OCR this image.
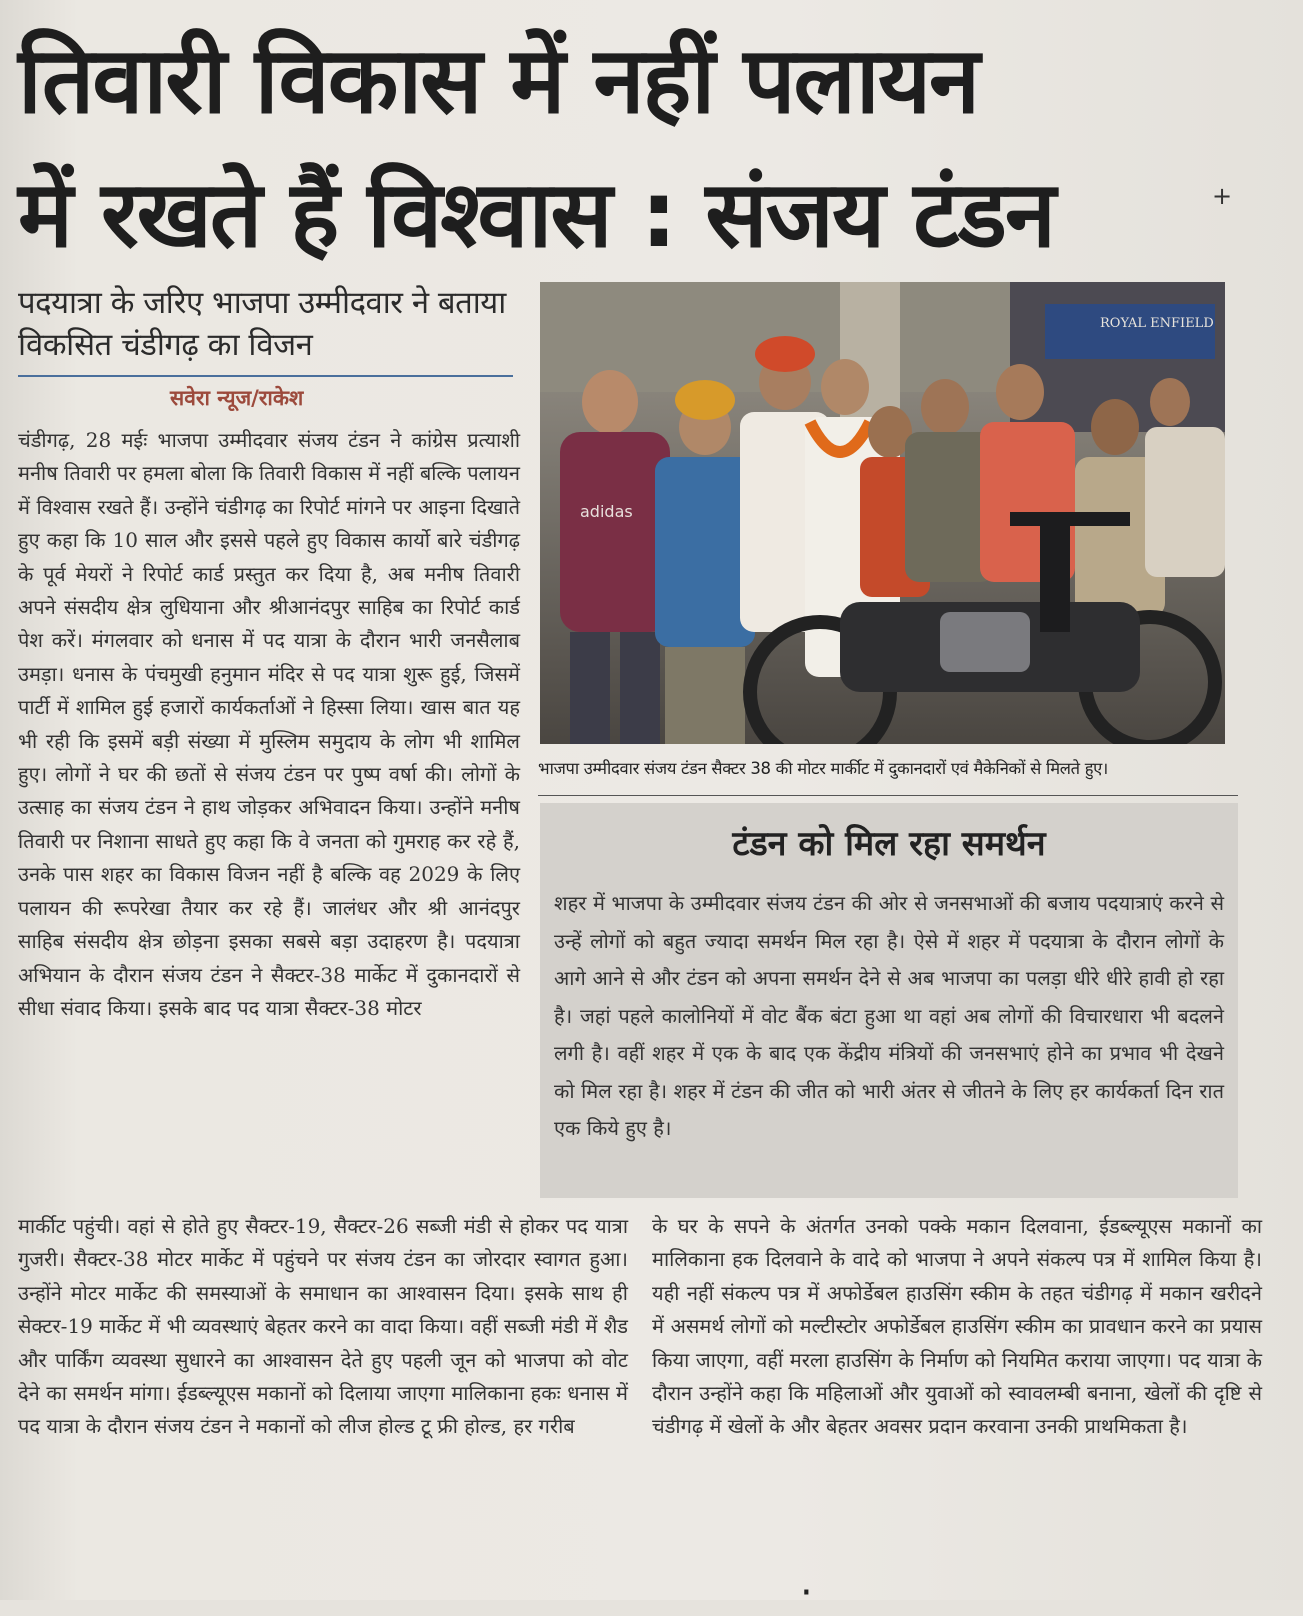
तिवारी विकास में नहीं पलायन
में रखते हैं विश्वास : संजय टंडन	+
पदयात्रा के जरिए भाजपा उम्मीदवार ने बताया विकसित चंडीगढ़ का विजन
सवेरा न्यूज/राकेश
चंडीगढ़, 28 मईः भाजपा उम्मीदवार संजय टंडन ने कांग्रेस प्रत्याशी मनीष तिवारी पर हमला बोला कि तिवारी विकास में नहीं बल्कि पलायन में विश्वास रखते हैं। उन्होंने चंडीगढ़ का रिपोर्ट मांगने पर आइना दिखाते हुए कहा कि 10 साल और इससे पहले हुए विकास कार्यो बारे चंडीगढ़ के पूर्व मेयरों ने रिपोर्ट कार्ड प्रस्तुत कर दिया है, अब मनीष तिवारी अपने संसदीय क्षेत्र लुधियाना और श्रीआनंदपुर साहिब का रिपोर्ट कार्ड पेश करें। मंगलवार को धनास में पद यात्रा के दौरान भारी जनसैलाब उमड़ा। धनास के पंचमुखी हनुमान मंदिर से पद यात्रा शुरू हुई, जिसमें पार्टी में शामिल हुई हजारों कार्यकर्ताओं ने हिस्सा लिया। खास बात यह भी रही कि इसमें बड़ी संख्या में मुस्लिम समुदाय के लोग भी शामिल हुए। लोगों ने घर की छतों से संजय टंडन पर पुष्प वर्षा की। लोगों के उत्साह का संजय टंडन ने हाथ जोड़कर अभिवादन किया। उन्होंने मनीष तिवारी पर निशाना साधते हुए कहा कि वे जनता को गुमराह कर रहे हैं, उनके पास शहर का विकास विजन नहीं है बल्कि वह 2029 के लिए पलायन की रूपरेखा तैयार कर रहे हैं। जालंधर और श्री आनंदपुर साहिब संसदीय क्षेत्र छोड़ना इसका सबसे बड़ा उदाहरण है। पदयात्रा अभियान के दौरान संजय टंडन ने सैक्टर-38 मार्केट में दुकानदारों से सीधा संवाद किया। इसके बाद पद यात्रा सैक्टर-38 मोटर
ROYAL ENFIELD
adidas
भाजपा उम्मीदवार संजय टंडन सैक्टर 38 की मोटर मार्कीट में दुकानदारों एवं मैकेनिकों से मिलते हुए।
टंडन को मिल रहा समर्थन
शहर में भाजपा के उम्मीदवार संजय टंडन की ओर से जनसभाओं की बजाय पदयात्राएं करने से उन्हें लोगों को बहुत ज्यादा समर्थन मिल रहा है। ऐसे में शहर में पदयात्रा के दौरान लोगों के आगे आने से और टंडन को अपना समर्थन देने से अब भाजपा का पलड़ा धीरे धीरे हावी हो रहा है। जहां पहले कालोनियों में वोट बैंक बंटा हुआ था वहां अब लोगों की विचारधारा भी बदलने लगी है। वहीं शहर में एक के बाद एक केंद्रीय मंत्रियों की जनसभाएं होने का प्रभाव भी देखने को मिल रहा है। शहर में टंडन की जीत को भारी अंतर से जीतने के लिए हर कार्यकर्ता दिन रात एक किये हुए है।
मार्कीट पहुंची। वहां से होते हुए सैक्टर-19, सैक्टर-26 सब्जी मंडी से होकर पद यात्रा गुजरी। सैक्टर-38 मोटर मार्केट में पहुंचने पर संजय टंडन का जोरदार स्वागत हुआ। उन्होंने मोटर मार्केट की समस्याओं के समाधान का आश्वासन दिया। इसके साथ ही सेक्टर-19 मार्केट में भी व्यवस्थाएं बेहतर करने का वादा किया। वहीं सब्जी मंडी में शैड और पार्किंग व्यवस्था सुधारने का आश्वासन देते हुए पहली जून को भाजपा को वोट देने का समर्थन मांगा। ईडब्ल्यूएस मकानों को दिलाया जाएगा मालिकाना हकः धनास में पद यात्रा के दौरान संजय टंडन ने मकानों को लीज होल्ड टू फ्री होल्ड, हर गरीब
के घर के सपने के अंतर्गत उनको पक्के मकान दिलवाना, ईडब्ल्यूएस मकानों का मालिकाना हक दिलवाने के वादे को भाजपा ने अपने संकल्प पत्र में शामिल किया है। यही नहीं संकल्प पत्र में अफोर्डेबल हाउसिंग स्कीम के तहत चंडीगढ़ में मकान खरीदने में असमर्थ लोगों को मल्टीस्टोर अफोर्डेबल हाउसिंग स्कीम का प्रावधान करने का प्रयास किया जाएगा, वहीं मरला हाउसिंग के निर्माण को नियमित कराया जाएगा। पद यात्रा के दौरान उन्होंने कहा कि महिलाओं और युवाओं को स्वावलम्बी बनाना, खेलों की दृष्टि से चंडीगढ़ में खेलों के और बेहतर अवसर प्रदान करवाना उनकी प्राथमिकता है।
·
